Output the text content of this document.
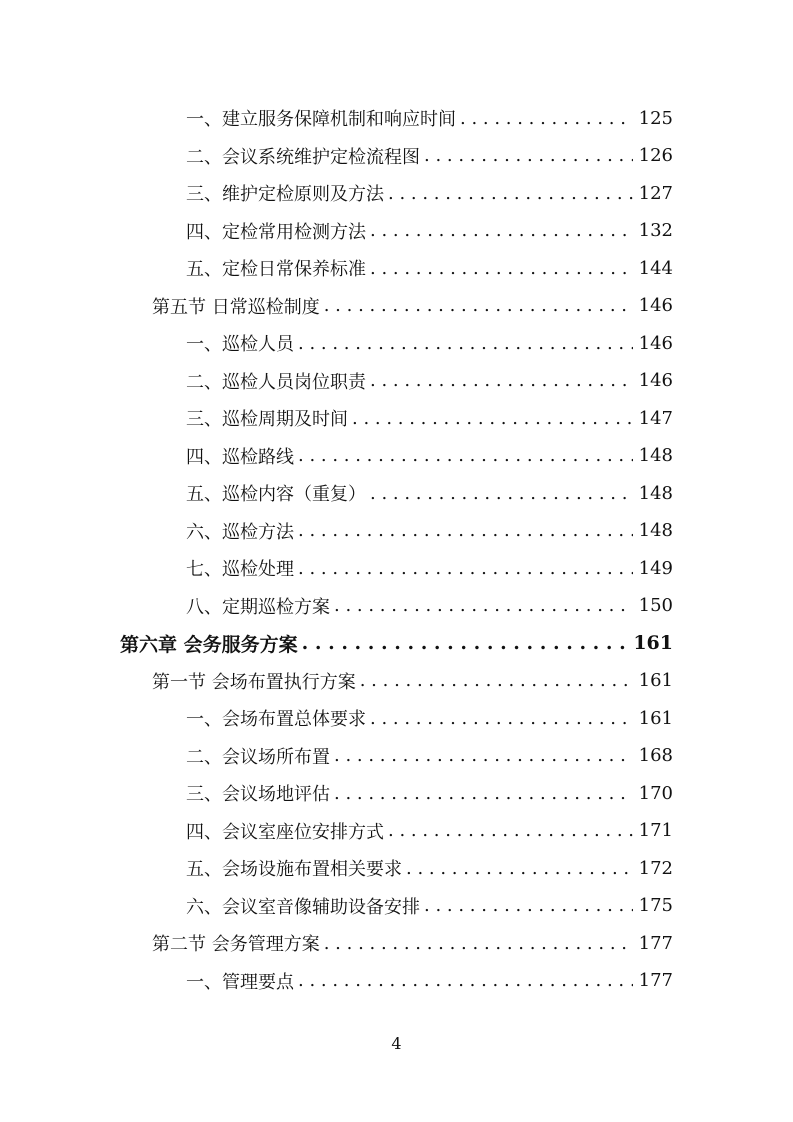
一、建立服务保障机制和响应时间 . . .	125
二、会议系统维护定检流程图 . . .	126
三、维护定检原则及方法 . . .	127
四、定检常用检测方法 . . .	132
五、定检日常保养标准 . . .	144
第五节 日常巡检制度 . . .	146
一、巡检人员 . . .	146
二、巡检人员岗位职责 . . .	146
三、巡检周期及时间 . . .	147
四、巡检路线 . . .	148
五、巡检内容（重复） . . .	148
六、巡检方法 . . .	148
七、巡检处理 . . .	149
八、定期巡检方案 . . .	150
第六章 会务服务方案 . . .	161
第一节 会场布置执行方案 . . .	161
一、会场布置总体要求 . . .	161
二、会议场所布置 . . .	168
三、会议场地评估 . . .	170
四、会议室座位安排方式 . . .	171
五、会场设施布置相关要求 . . .	172
六、会议室音像辅助设备安排 . . .	175
第二节 会务管理方案 . . .	177
一、管理要点 . . .	177
4
